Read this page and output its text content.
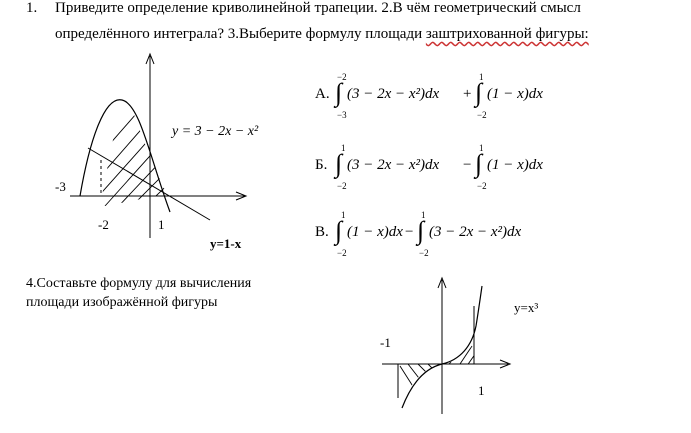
1. Приведите определение криволинейной трапеции. 2.В чём геометрический смысл
определённого интеграла? 3.Выберите формулу площади заштрихованной фигуры:
-3
-2	1
y = 3 − 2x − x²
y=1-x
А. ∫
−2
−3
(3 − 2x − x²)dx + ∫
1
−2
(1 − x)dx
Б. ∫
1
−2
(3 − 2x − x²)dx − ∫
1
−2
(1 − x)dx
В. ∫
1
−2
(1 − x)dx − ∫
1
−2
(3 − 2x − x²)dx
4.Составьте формулу для вычисления
площади изображённой фигуры	y=x³
-1
1
